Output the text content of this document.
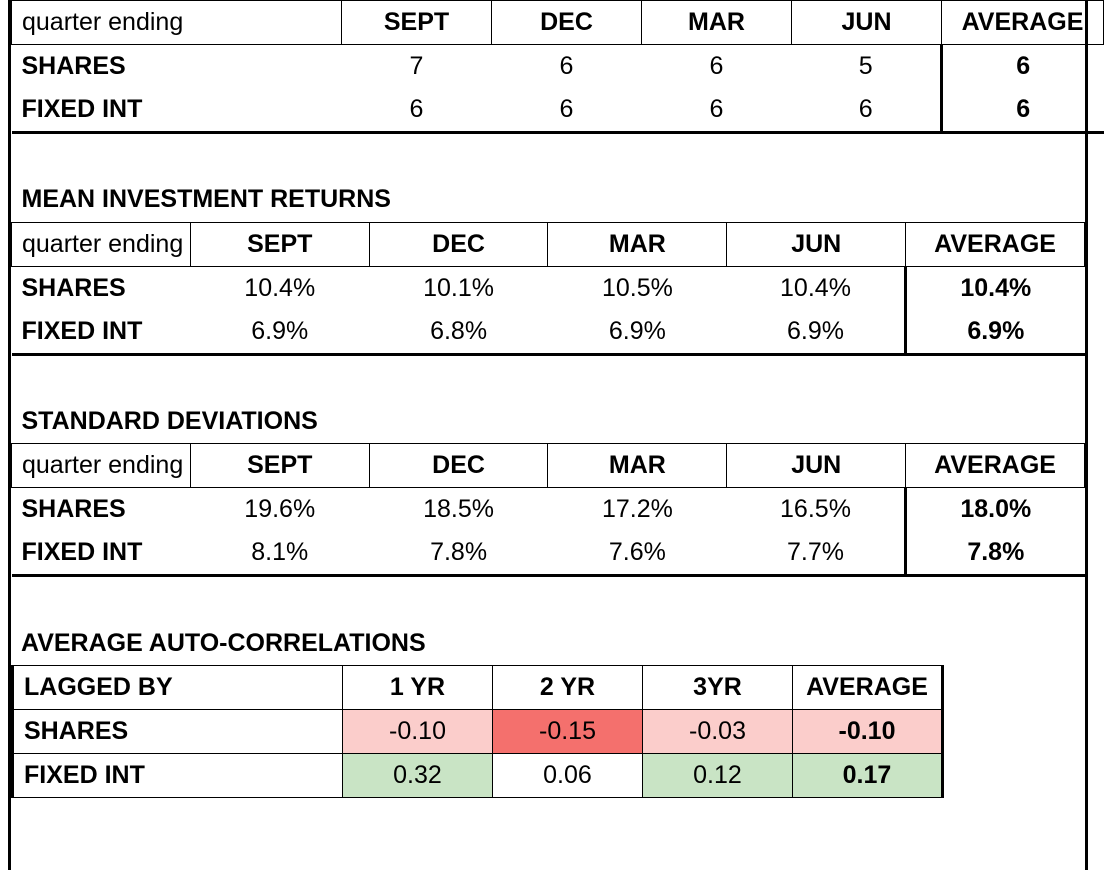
quarter ending	SEPT	DEC	MAR	JUN	AVERAGE
SHARES	7	6	6	5	6
FIXED INT	6	6	6	6	6

MEAN INVESTMENT RETURNS					
quarter ending	SEPT	DEC	MAR	JUN	AVERAGE
SHARES	10.4%	10.1%	10.5%	10.4%	10.4%
FIXED INT	6.9%	6.8%	6.9%	6.9%	6.9%

STANDARD DEVIATIONS					
quarter ending	SEPT	DEC	MAR	JUN	AVERAGE
SHARES	19.6%	18.5%	17.2%	16.5%	18.0%
FIXED INT	8.1%	7.8%	7.6%	7.7%	7.8%

AVERAGE AUTO-CORRELATIONS
LAGGED BY	1 YR	2 YR	3YR	AVERAGE
SHARES	-0.10	-0.15	-0.03	-0.10
FIXED INT	0.32	0.06	0.12	0.17
